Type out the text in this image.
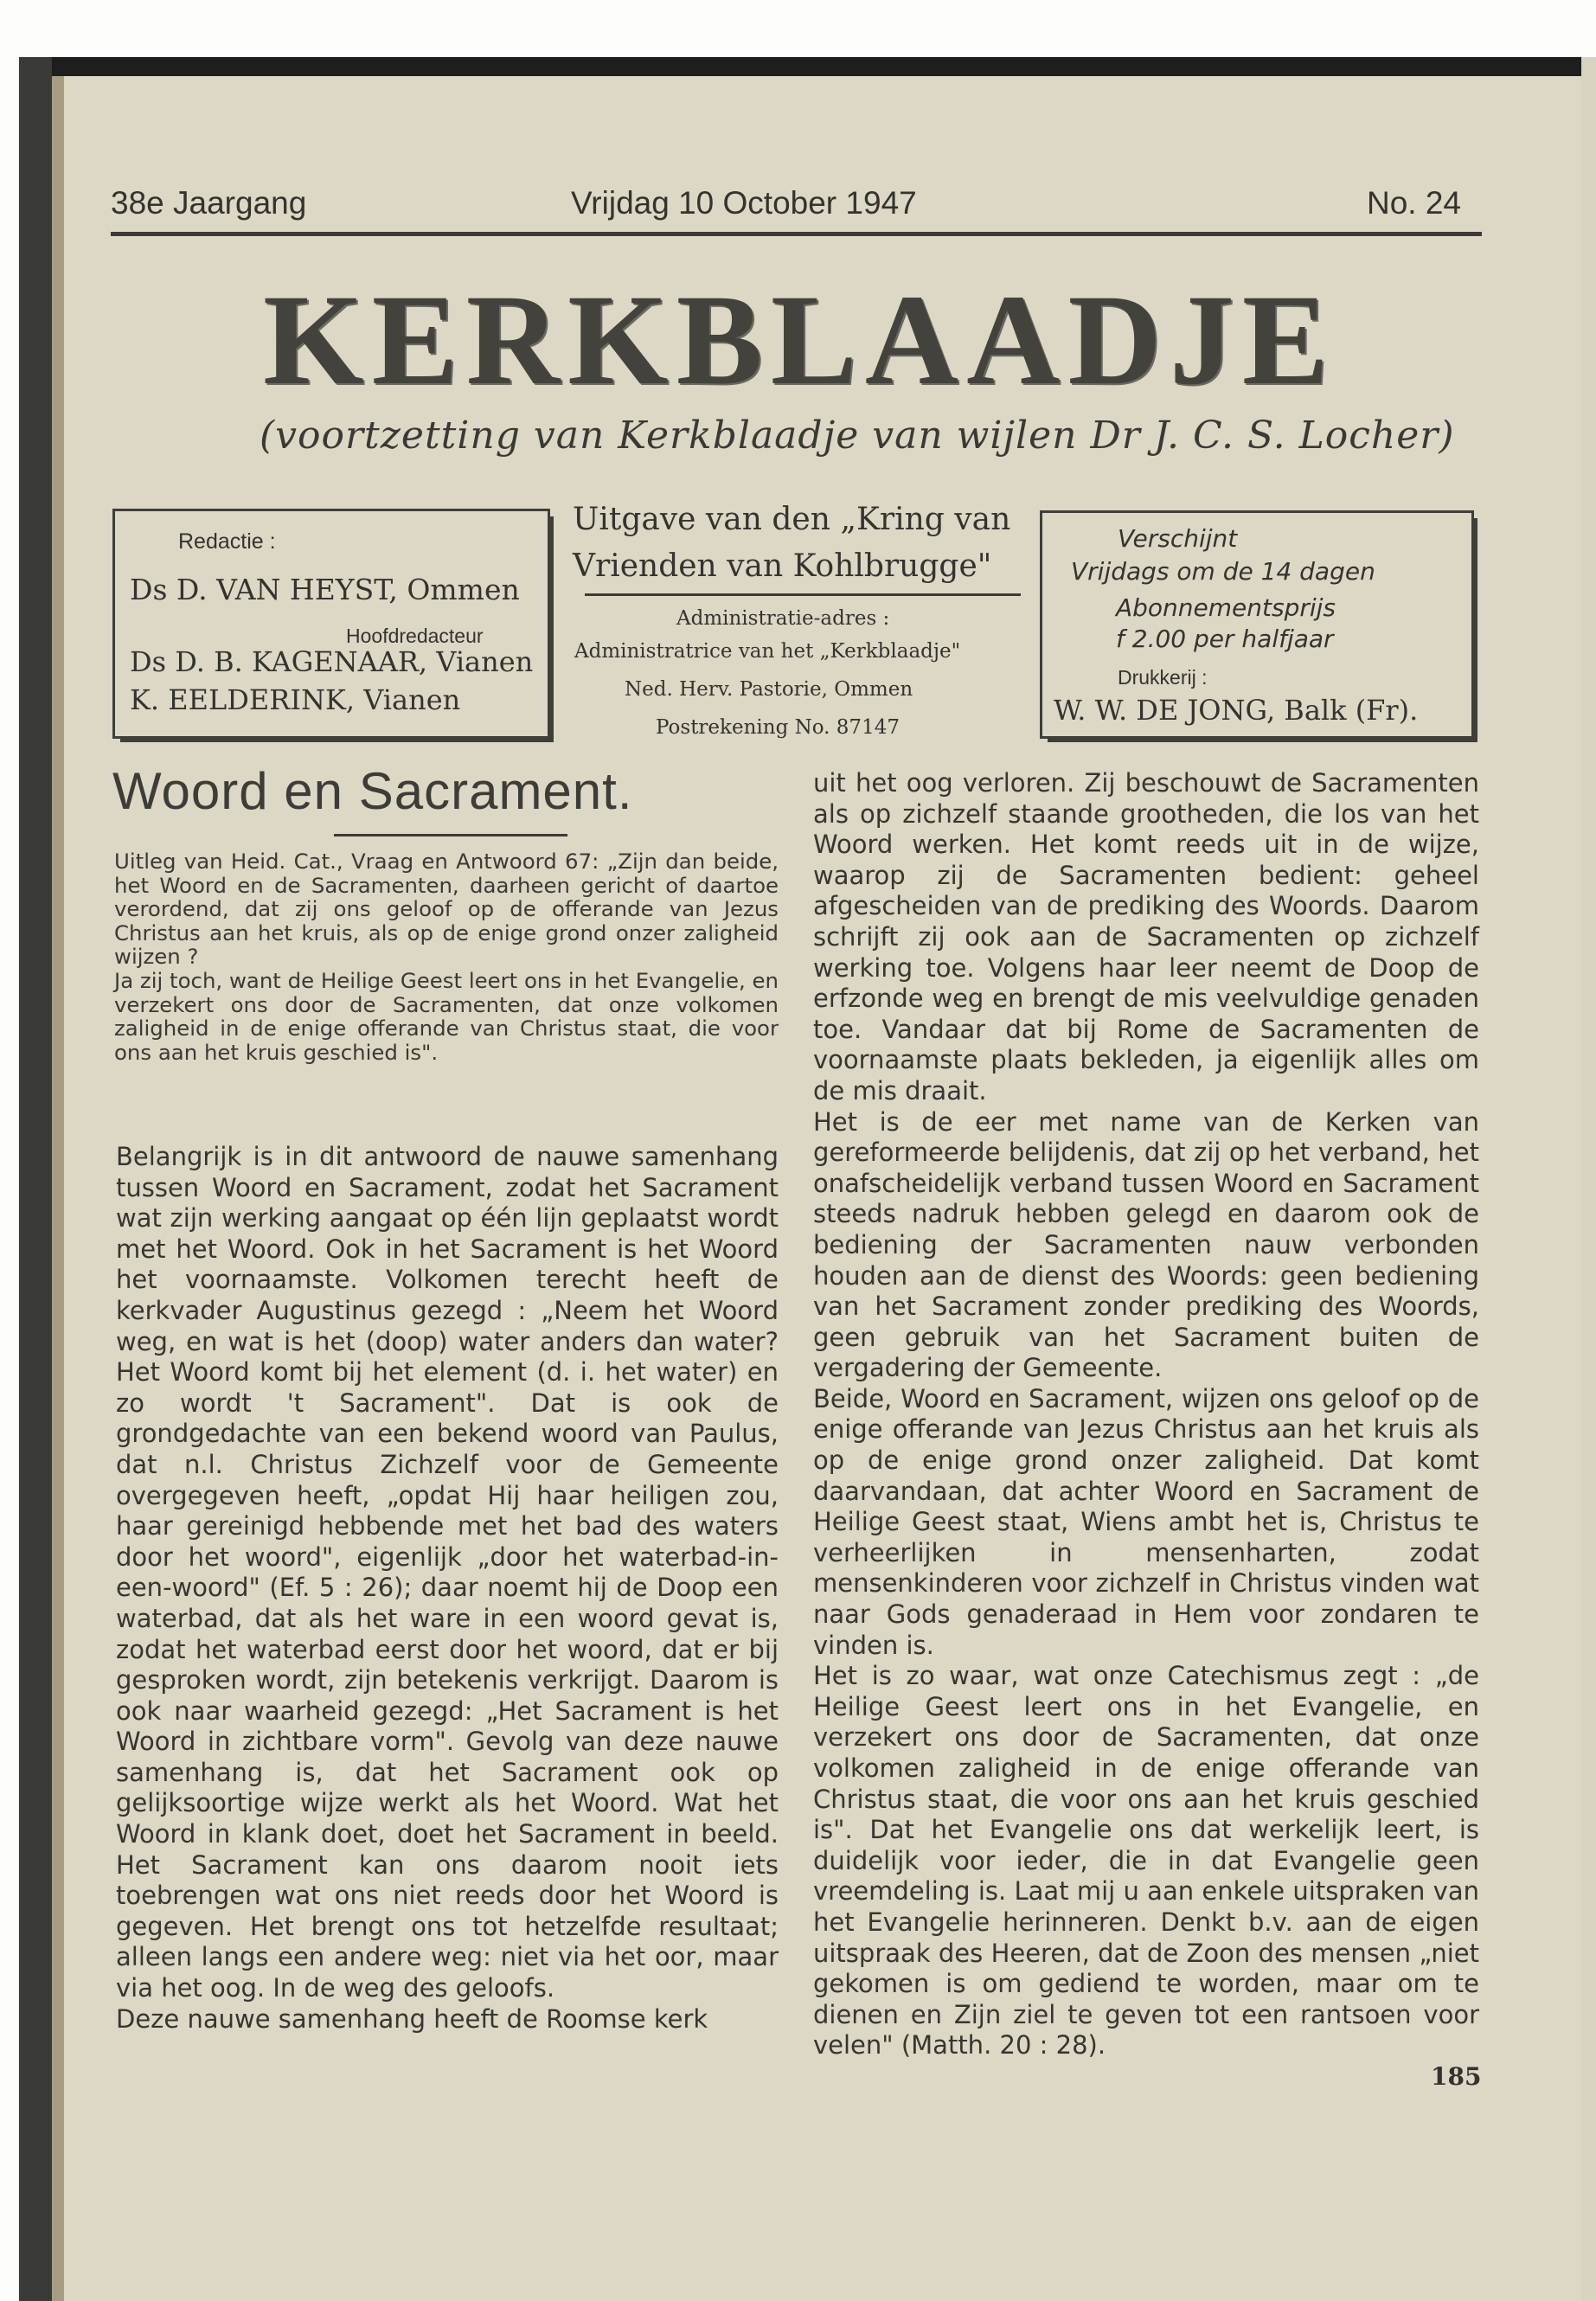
38e Jaargang	Vrijdag 10 October 1947	No. 24
KERKBLAADJE
(voortzetting van Kerkblaadje van wijlen Dr J. C. S. Locher)
Redactie :
Ds D. VAN HEYST, Ommen
Hoofdredacteur
Ds D. B. KAGENAAR, Vianen
K. EELDERINK, Vianen
Uitgave van den „Kring van
Vrienden van Kohlbrugge"
Administratie-adres :
Administratrice van het „Kerkblaadje"
Ned. Herv. Pastorie, Ommen
Postrekening No. 87147
Verschijnt
Vrijdags om de 14 dagen
Abonnementsprijs
f 2.00 per halfjaar
Drukkerij :
W. W. DE JONG, Balk (Fr).
Woord en Sacrament.

Uitleg van Heid. Cat., Vraag en Antwoord 67: „Zijn dan beide, het Woord en de Sacramenten, daarheen gericht of daartoe verordend, dat zij ons geloof op de offerande van Jezus Christus aan het kruis, als op de enige grond onzer zaligheid wijzen ?

Ja zij toch, want de Heilige Geest leert ons in het Evangelie, en verzekert ons door de Sacramenten, dat onze volkomen zaligheid in de enige offerande van Christus staat, die voor ons aan het kruis geschied is".

Belangrijk is in dit antwoord de nauwe samenhang tussen Woord en Sacrament, zodat het Sacrament wat zijn werking aangaat op één lijn geplaatst wordt met het Woord. Ook in het Sacrament is het Woord het voornaamste. Volkomen terecht heeft de kerkvader Augustinus gezegd : „Neem het Woord weg, en wat is het (doop) water anders dan water? Het Woord komt bij het element (d. i. het water) en zo wordt 't Sacrament". Dat is ook de grondgedachte van een bekend woord van Paulus, dat n.l. Christus Zichzelf voor de Gemeente overgegeven heeft, „opdat Hij haar heiligen zou, haar gereinigd hebbende met het bad des waters door het woord", eigenlijk „door het waterbad-in-een-woord" (Ef. 5 : 26); daar noemt hij de Doop een waterbad, dat als het ware in een woord gevat is, zodat het waterbad eerst door het woord, dat er bij gesproken wordt, zijn betekenis verkrijgt. Daarom is ook naar waarheid gezegd: „Het Sacrament is het Woord in zichtbare vorm". Gevolg van deze nauwe samenhang is, dat het Sacrament ook op gelijksoortige wijze werkt als het Woord. Wat het Woord in klank doet, doet het Sacrament in beeld. Het Sacrament kan ons daarom nooit iets toebrengen wat ons niet reeds door het Woord is gegeven. Het brengt ons tot hetzelfde resultaat; alleen langs een andere weg: niet via het oor, maar via het oog. In de weg des geloofs.

Deze nauwe samenhang heeft de Roomse kerk

uit het oog verloren. Zij beschouwt de Sacramenten als op zichzelf staande grootheden, die los van het Woord werken. Het komt reeds uit in de wijze, waarop zij de Sacramenten bedient: geheel afgescheiden van de prediking des Woords. Daarom schrijft zij ook aan de Sacramenten op zichzelf werking toe. Volgens haar leer neemt de Doop de erfzonde weg en brengt de mis veelvuldige genaden toe. Vandaar dat bij Rome de Sacramenten de voornaamste plaats bekleden, ja eigenlijk alles om de mis draait.

Het is de eer met name van de Kerken van gereformeerde belijdenis, dat zij op het verband, het onafscheidelijk verband tussen Woord en Sacrament steeds nadruk hebben gelegd en daarom ook de bediening der Sacramenten nauw verbonden houden aan de dienst des Woords: geen bediening van het Sacrament zonder prediking des Woords, geen gebruik van het Sacrament buiten de vergadering der Gemeente.

Beide, Woord en Sacrament, wijzen ons geloof op de enige offerande van Jezus Christus aan het kruis als op de enige grond onzer zaligheid. Dat komt daarvandaan, dat achter Woord en Sacrament de Heilige Geest staat, Wiens ambt het is, Christus te verheerlijken in mensenharten, zodat mensenkinderen voor zichzelf in Christus vinden wat naar Gods genaderaad in Hem voor zondaren te vinden is.

Het is zo waar, wat onze Catechismus zegt : „de Heilige Geest leert ons in het Evangelie, en verzekert ons door de Sacramenten, dat onze volkomen zaligheid in de enige offerande van Christus staat, die voor ons aan het kruis geschied is". Dat het Evangelie ons dat werkelijk leert, is duidelijk voor ieder, die in dat Evangelie geen vreemdeling is. Laat mij u aan enkele uitspraken van het Evangelie herinneren. Denkt b.v. aan de eigen uitspraak des Heeren, dat de Zoon des mensen „niet gekomen is om gediend te worden, maar om te dienen en Zijn ziel te geven tot een rantsoen voor velen" (Matth. 20 : 28).

185
